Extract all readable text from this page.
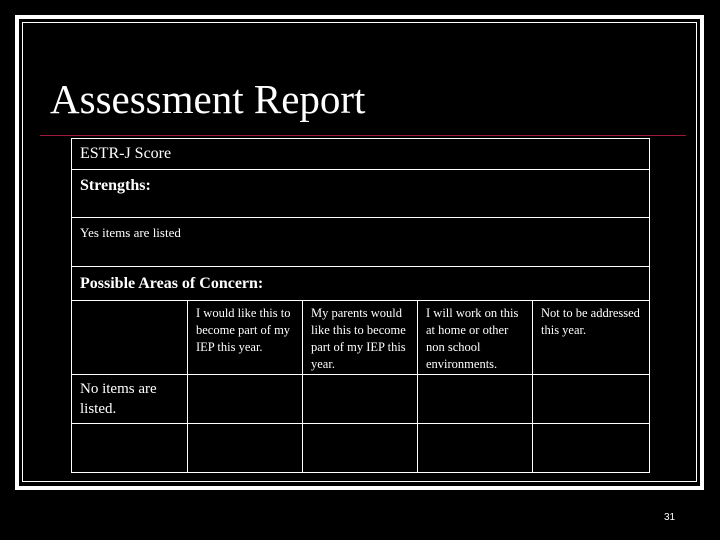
Assessment Report
ESTR-J Score				
Strengths:				
Yes items are listed				
Possible Areas of Concern:				
	I would like this to become part of my IEP this year.	My parents would like this to become part of my IEP this year.	I will work on this at home or other non school environments.	Not to be addressed this year.
No items are listed.				

31
